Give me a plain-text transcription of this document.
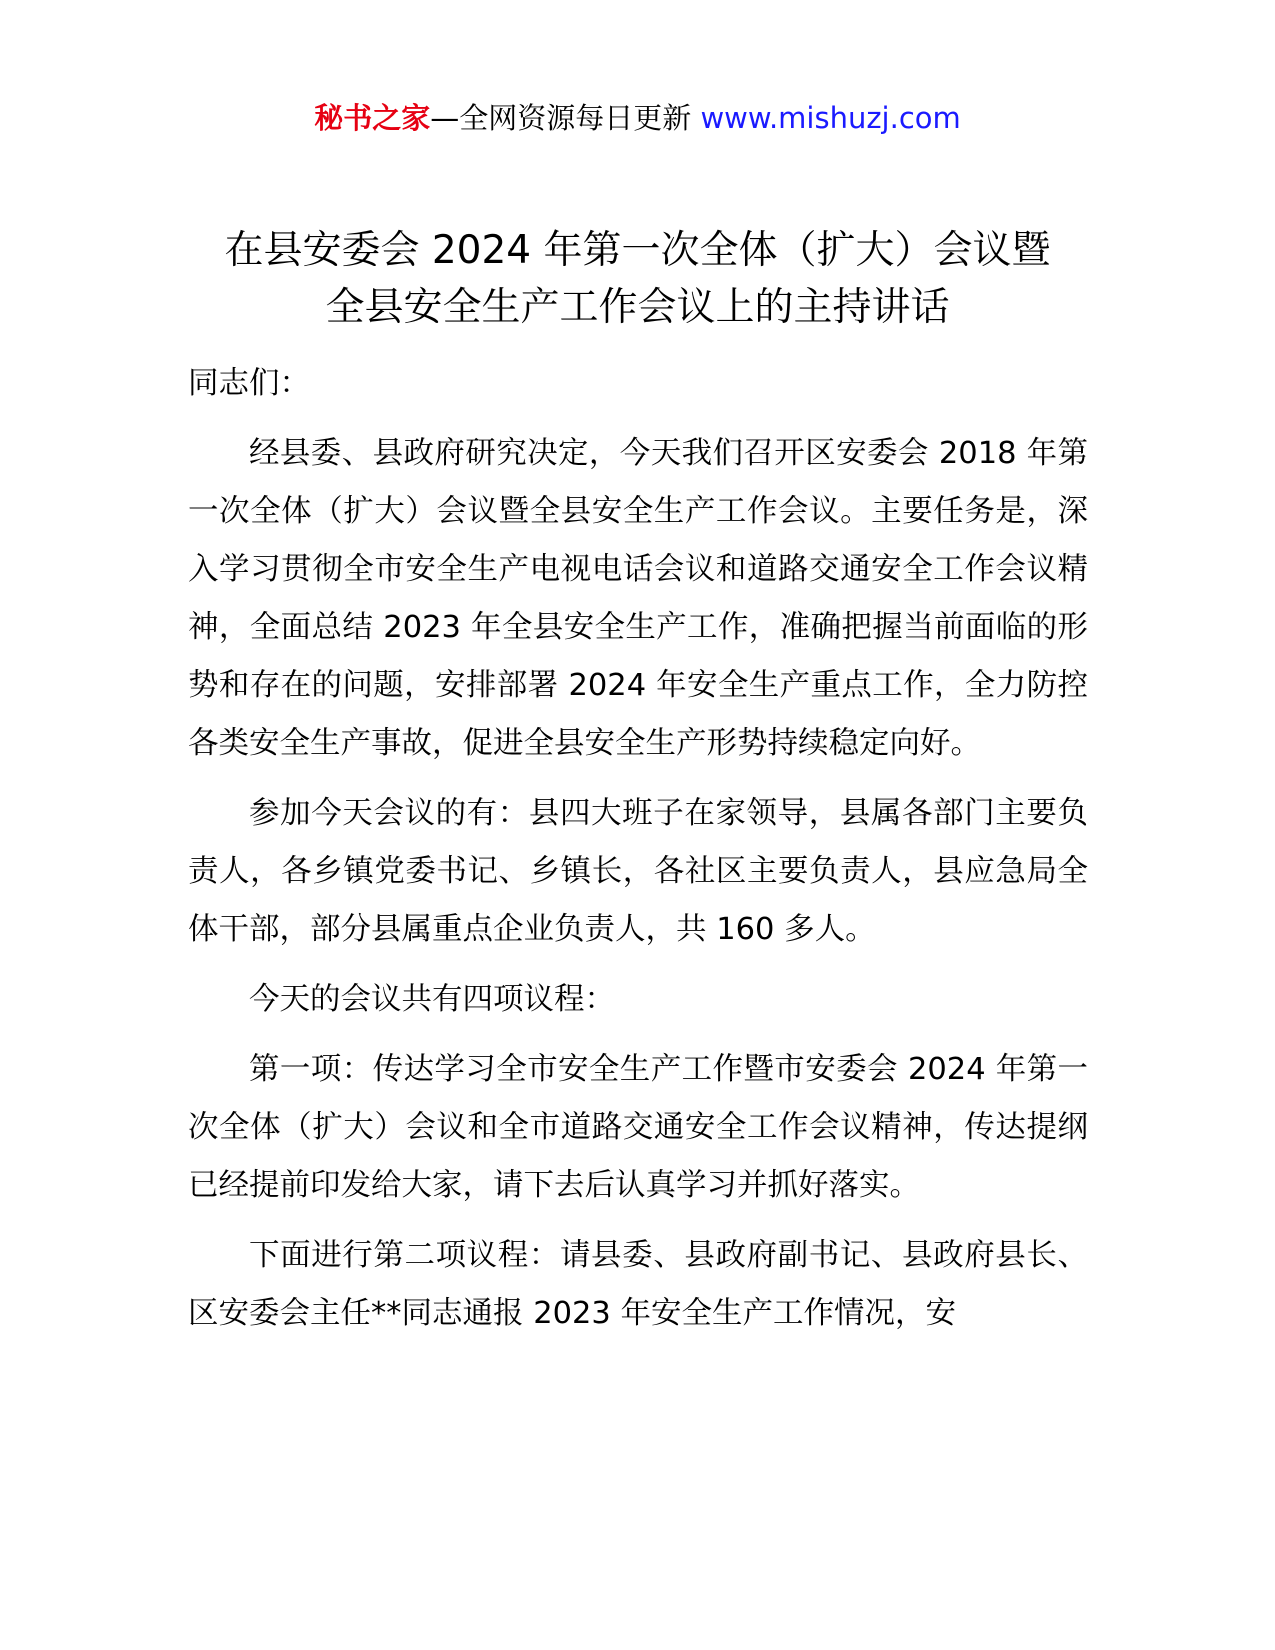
秘书之家—全网资源每日更新 www.mishuzj.com
在县安委会 2024 年第一次全体（扩大）会议暨
全县安全生产工作会议上的主持讲话
同志们：
经县委、县政府研究决定，今天我们召开区安委会 2018 年第一次全体（扩大）会议暨全县安全生产工作会议。主要任务是，深入学习贯彻全市安全生产电视电话会议和道路交通安全工作会议精神，全面总结 2023 年全县安全生产工作，准确把握当前面临的形势和存在的问题，安排部署 2024 年安全生产重点工作，全力防控各类安全生产事故，促进全县安全生产形势持续稳定向好。
参加今天会议的有：县四大班子在家领导，县属各部门主要负责人，各乡镇党委书记、乡镇长，各社区主要负责人，县应急局全体干部，部分县属重点企业负责人，共 160 多人。
今天的会议共有四项议程：
第一项：传达学习全市安全生产工作暨市安委会 2024 年第一次全体（扩大）会议和全市道路交通安全工作会议精神，传达提纲已经提前印发给大家，请下去后认真学习并抓好落实。
下面进行第二项议程：请县委、县政府副书记、县政府县长、区安委会主任**同志通报 2023 年安全生产工作情况，安
